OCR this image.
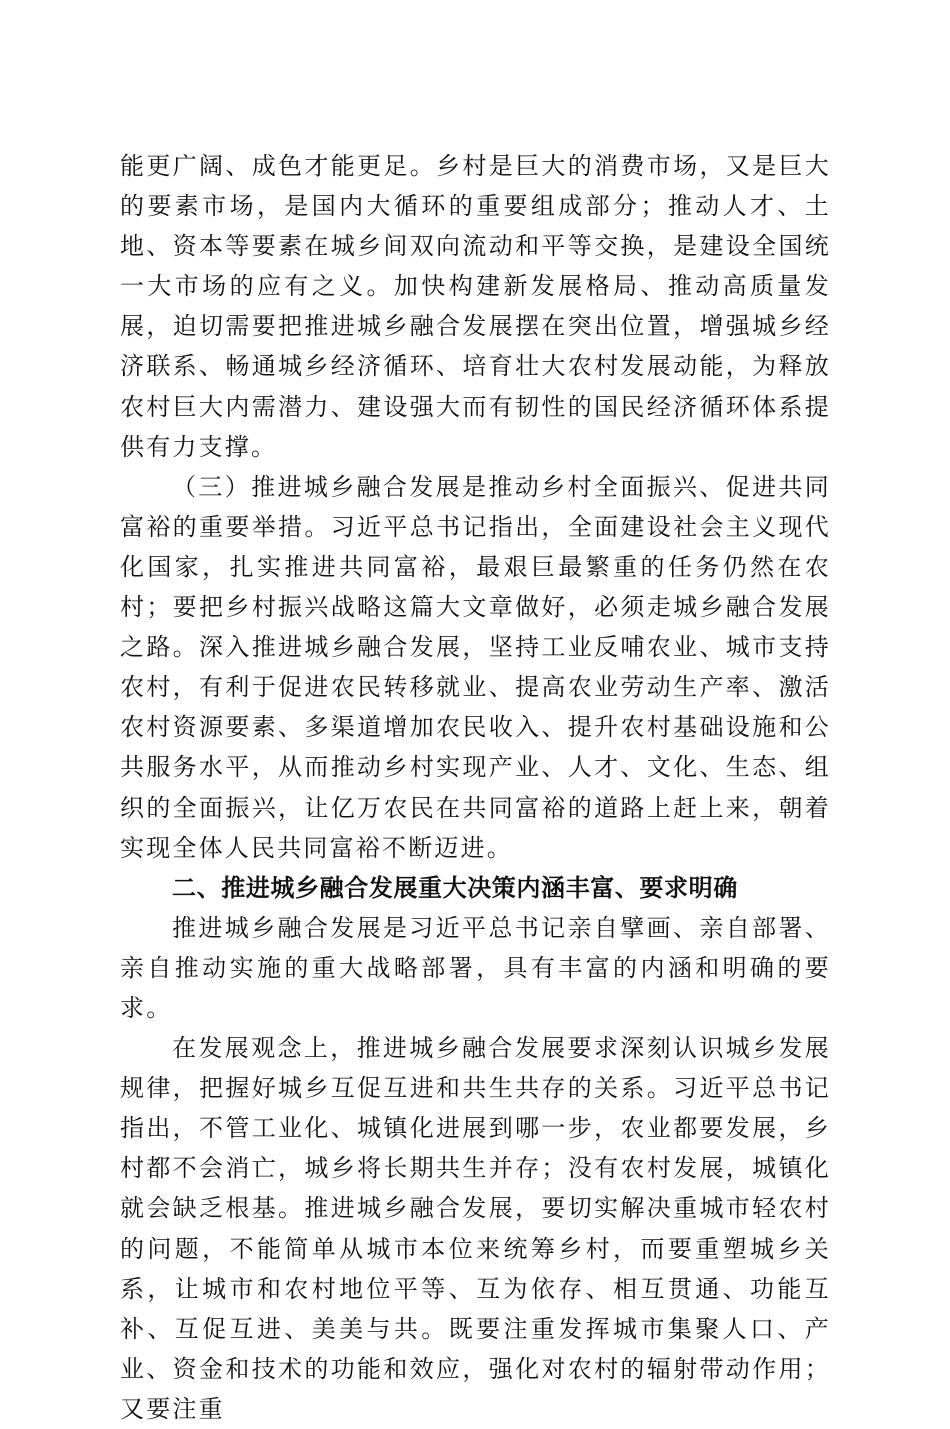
能更广阔、成色才能更足。乡村是巨大的消费市场，又是巨大的要素市场，是国内大循环的重要组成部分；推动人才、土地、资本等要素在城乡间双向流动和平等交换，是建设全国统一大市场的应有之义。加快构建新发展格局、推动高质量发展，迫切需要把推进城乡融合发展摆在突出位置，增强城乡经济联系、畅通城乡经济循环、培育壮大农村发展动能，为释放农村巨大内需潜力、建设强大而有韧性的国民经济循环体系提供有力支撑。

（三）推进城乡融合发展是推动乡村全面振兴、促进共同富裕的重要举措。习近平总书记指出，全面建设社会主义现代化国家，扎实推进共同富裕，最艰巨最繁重的任务仍然在农村；要把乡村振兴战略这篇大文章做好，必须走城乡融合发展之路。深入推进城乡融合发展，坚持工业反哺农业、城市支持农村，有利于促进农民转移就业、提高农业劳动生产率、激活农村资源要素、多渠道增加农民收入、提升农村基础设施和公共服务水平，从而推动乡村实现产业、人才、文化、生态、组织的全面振兴，让亿万农民在共同富裕的道路上赶上来，朝着实现全体人民共同富裕不断迈进。

二、推进城乡融合发展重大决策内涵丰富、要求明确

推进城乡融合发展是习近平总书记亲自擘画、亲自部署、亲自推动实施的重大战略部署，具有丰富的内涵和明确的要求。

在发展观念上，推进城乡融合发展要求深刻认识城乡发展规律，把握好城乡互促互进和共生共存的关系。习近平总书记指出，不管工业化、城镇化进展到哪一步，农业都要发展，乡村都不会消亡，城乡将长期共生并存；没有农村发展，城镇化就会缺乏根基。推进城乡融合发展，要切实解决重城市轻农村的问题，不能简单从城市本位来统筹乡村，而要重塑城乡关系，让城市和农村地位平等、互为依存、相互贯通、功能互补、互促互进、美美与共。既要注重发挥城市集聚人口、产业、资金和技术的功能和效应，强化对农村的辐射带动作用；又要注重
